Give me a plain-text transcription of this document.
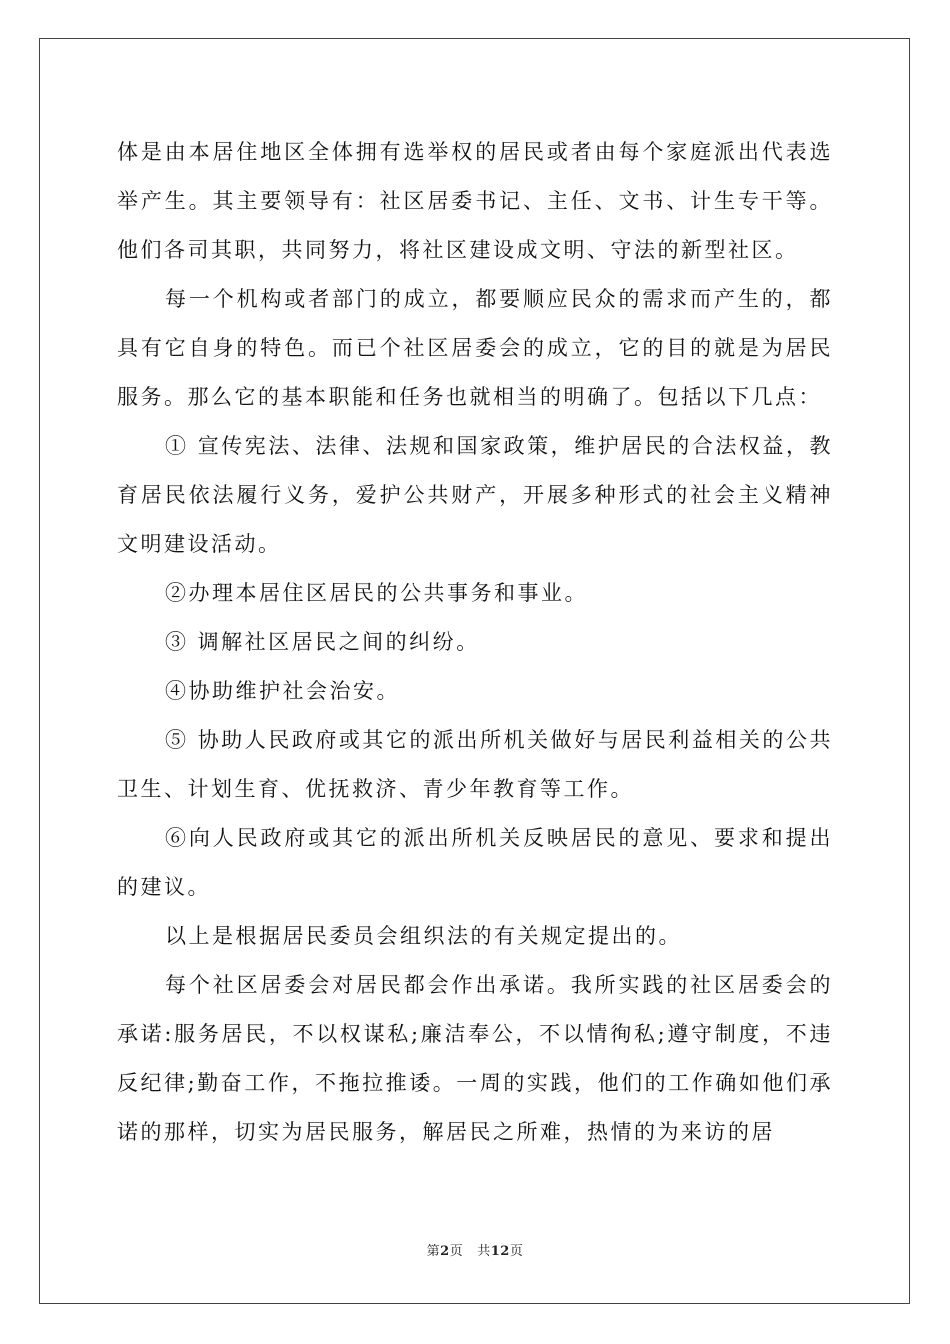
体是由本居住地区全体拥有选举权的居民或者由每个家庭派出代表选举产生。其主要领导有：社区居委书记、主任、文书、计生专干等。他们各司其职，共同努力，将社区建设成文明、守法的新型社区。

每一个机构或者部门的成立，都要顺应民众的需求而产生的，都具有它自身的特色。而已个社区居委会的成立，它的目的就是为居民服务。那么它的基本职能和任务也就相当的明确了。包括以下几点：

① 宣传宪法、法律、法规和国家政策，维护居民的合法权益，教育居民依法履行义务，爱护公共财产，开展多种形式的社会主义精神文明建设活动。

②办理本居住区居民的公共事务和事业。

③ 调解社区居民之间的纠纷。

④协助维护社会治安。

⑤ 协助人民政府或其它的派出所机关做好与居民利益相关的公共卫生、计划生育、优抚救济、青少年教育等工作。

⑥向人民政府或其它的派出所机关反映居民的意见、要求和提出的建议。

以上是根据居民委员会组织法的有关规定提出的。

每个社区居委会对居民都会作出承诺。我所实践的社区居委会的承诺:服务居民，不以权谋私;廉洁奉公，不以情徇私;遵守制度，不违反纪律;勤奋工作，不拖拉推诿。一周的实践，他们的工作确如他们承诺的那样，切实为居民服务，解居民之所难，热情的为来访的居

第2页 共12页
